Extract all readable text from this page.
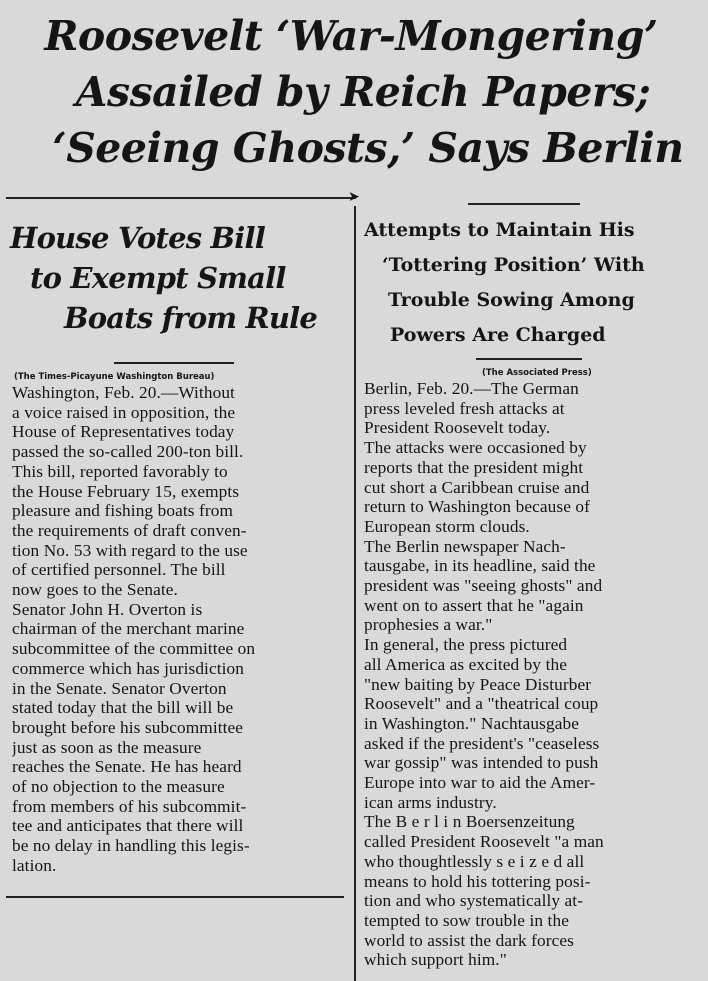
Roosevelt ‘War-Mongering’
Assailed by Reich Papers;
‘Seeing Ghosts,’ Says Berlin
➤
House Votes Bill
to Exempt Small
Boats from Rule
Attempts to Maintain His
‘Tottering Position’ With
Trouble Sowing Among
Powers Are Charged
(The Times-Picayune Washington Bureau)	(The Associated Press)
Washington, Feb. 20.—Without
a voice raised in opposition, the
House of Representatives today
passed the so-called 200-ton bill.
This bill, reported favorably to
the House February 15, exempts
pleasure and fishing boats from
the requirements of draft conven-
tion No. 53 with regard to the use
of certified personnel. The bill
now goes to the Senate.
Senator John H. Overton is
chairman of the merchant marine
subcommittee of the committee on
commerce which has jurisdiction
in the Senate. Senator Overton
stated today that the bill will be
brought before his subcommittee
just as soon as the measure
reaches the Senate. He has heard
of no objection to the measure
from members of his subcommit-
tee and anticipates that there will
be no delay in handling this legis-
lation.
Berlin, Feb. 20.—The German
press leveled fresh attacks at
President Roosevelt today.
The attacks were occasioned by
reports that the president might
cut short a Caribbean cruise and
return to Washington because of
European storm clouds.
The Berlin newspaper Nach-
tausgabe, in its headline, said the
president was "seeing ghosts" and
went on to assert that he "again
prophesies a war."
In general, the press pictured
all America as excited by the
"new baiting by Peace Disturber
Roosevelt" and a "theatrical coup
in Washington." Nachtausgabe
asked if the president's "ceaseless
war gossip" was intended to push
Europe into war to aid the Amer-
ican arms industry.
The B e r l i n Boersenzeitung
called President Roosevelt "a man
who thoughtlessly s e i z e d all
means to hold his tottering posi-
tion and who systematically at-
tempted to sow trouble in the
world to assist the dark forces
which support him."
